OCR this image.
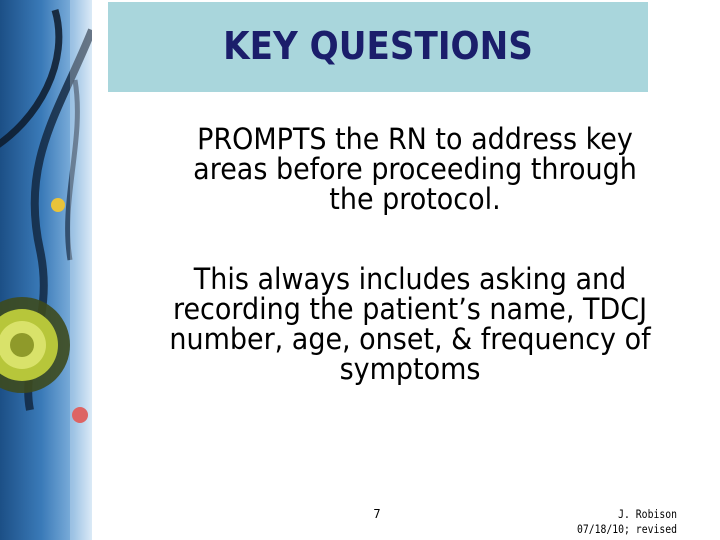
KEY QUESTIONS

PROMPTS the RN to address key areas before proceeding through the protocol.

This always includes asking and recording the patient’s name, TDCJ number, age, onset, & frequency of symptoms

7	J. Robison
07/18/10; revised
